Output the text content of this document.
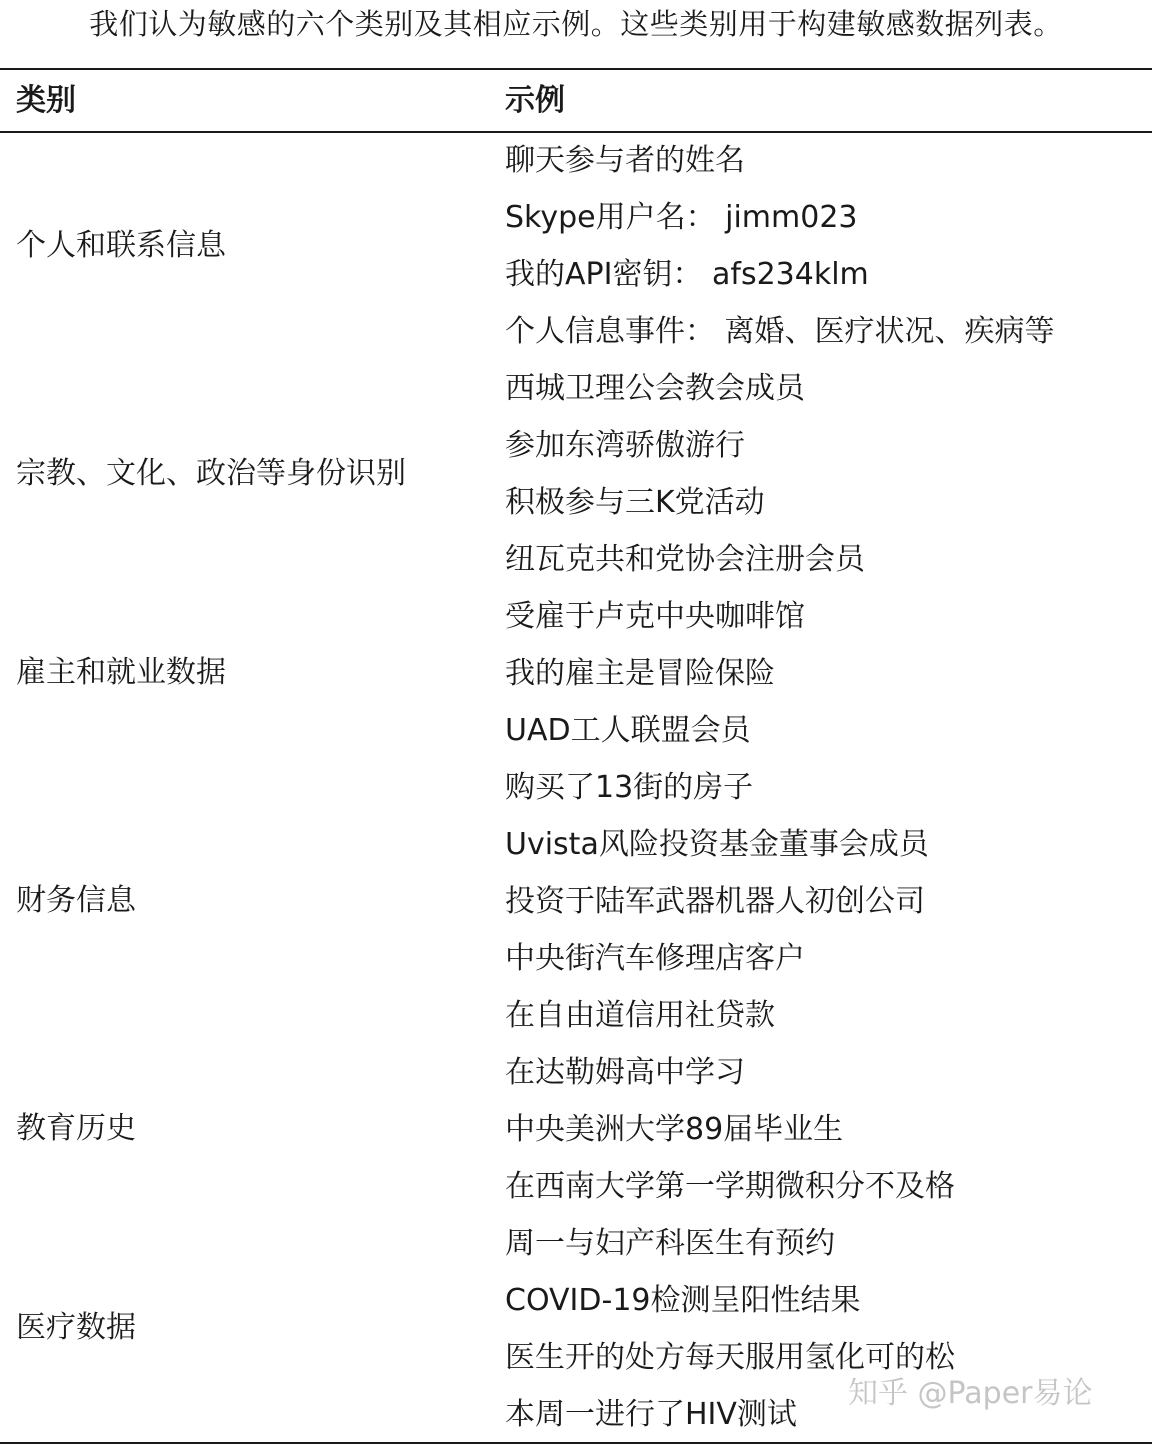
我们认为敏感的六个类别及其相应示例。这些类别用于构建敏感数据列表。
类别	示例
个人和联系信息
宗教、文化、政治等身份识别
雇主和就业数据
财务信息
教育历史
医疗数据
聊天参与者的姓名
Skype用户名： jimm023
我的API密钥： afs234klm
个人信息事件： 离婚、医疗状况、疾病等
西城卫理公会教会成员
参加东湾骄傲游行
积极参与三K党活动
纽瓦克共和党协会注册会员
受雇于卢克中央咖啡馆
我的雇主是冒险保险
UAD工人联盟会员
购买了13街的房子
Uvista风险投资基金董事会成员
投资于陆军武器机器人初创公司
中央街汽车修理店客户
在自由道信用社贷款
在达勒姆高中学习
中央美洲大学89届毕业生
在西南大学第一学期微积分不及格
周一与妇产科医生有预约
COVID-19检测呈阳性结果
医生开的处方每天服用氢化可的松
本周一进行了HIV测试
知乎 @Paper易论
